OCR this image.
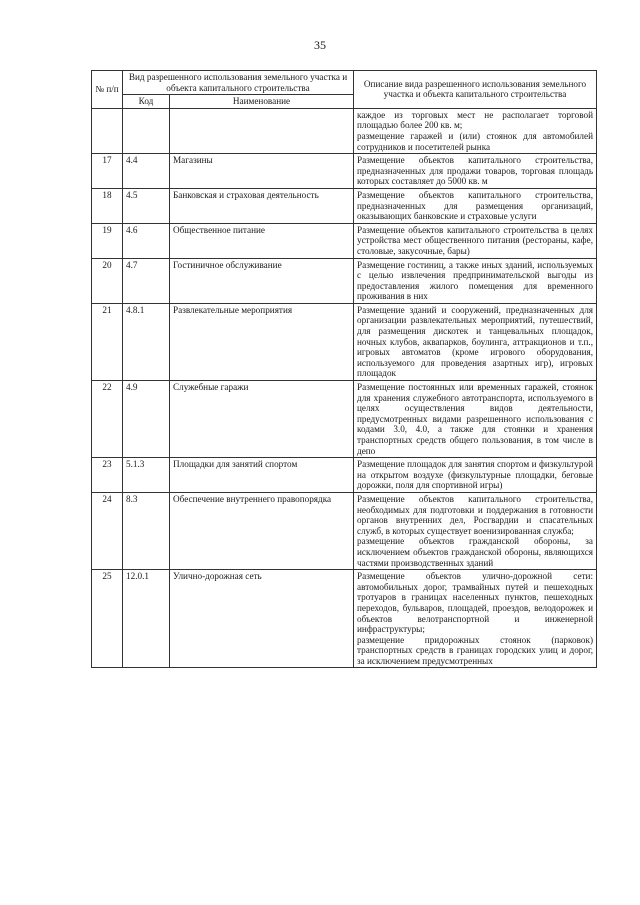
35
№ п/п	Вид разрешенного использования земельного участка и объекта капитального строительства		Описание вида разрешенного использования земельного участка и объекта капитального строительства
	Код	Наименование	

			каждое из торговых мест не располагает торговой площадью более 200 кв. м;
размещение гаражей и (или) стоянок для автомобилей сотрудников и посетителей рынка

17	4.4	Магазины	Размещение объектов капитального строительства, предназначенных для продажи товаров, торговая площадь которых составляет до 5000 кв. м

18	4.5	Банковская и страховая деятельность	Размещение объектов капитального строительства, предназначенных для размещения организаций, оказывающих банковские и страховые услуги

19	4.6	Общественное питание	Размещение объектов капитального строительства в целях устройства мест общественного питания (рестораны, кафе, столовые, закусочные, бары)

20	4.7	Гостиничное обслуживание	Размещение гостиниц, а также иных зданий, используемых с целью извлечения предпринимательской выгоды из предоставления жилого помещения для временного проживания в них

21	4.8.1	Развлекательные мероприятия	Размещение зданий и сооружений, предназначенных для организации развлекательных мероприятий, путешествий, для размещения дискотек и танцевальных площадок, ночных клубов, аквапарков, боулинга, аттракционов и т.п., игровых автоматов (кроме игрового оборудования, используемого для проведения азартных игр), игровых площадок

22	4.9	Служебные гаражи	Размещение постоянных или временных гаражей, стоянок для хранения служебного автотранспорта, используемого в целях осуществления видов деятельности, предусмотренных видами разрешенного использования с кодами 3.0, 4.0, а также для стоянки и хранения транспортных средств общего пользования, в том числе в депо

23	5.1.3	Площадки для занятий спортом	Размещение площадок для занятия спортом и физкультурой на открытом воздухе (физкультурные площадки, беговые дорожки, поля для спортивной игры)

24	8.3	Обеспечение внутреннего правопорядка	Размещение объектов капитального строительства, необходимых для подготовки и поддержания в готовности органов внутренних дел, Росгвардии и спасательных служб, в которых существует военизированная служба;
размещение объектов гражданской обороны, за исключением объектов гражданской обороны, являющихся частями производственных зданий

25	12.0.1	Улично-дорожная сеть	Размещение объектов улично-дорожной сети: автомобильных дорог, трамвайных путей и пешеходных тротуаров в границах населенных пунктов, пешеходных переходов, бульваров, площадей, проездов, велодорожек и объектов велотранспортной и инженерной инфраструктуры;
размещение придорожных стоянок (парковок) транспортных средств в границах городских улиц и дорог, за исключением предусмотренных
